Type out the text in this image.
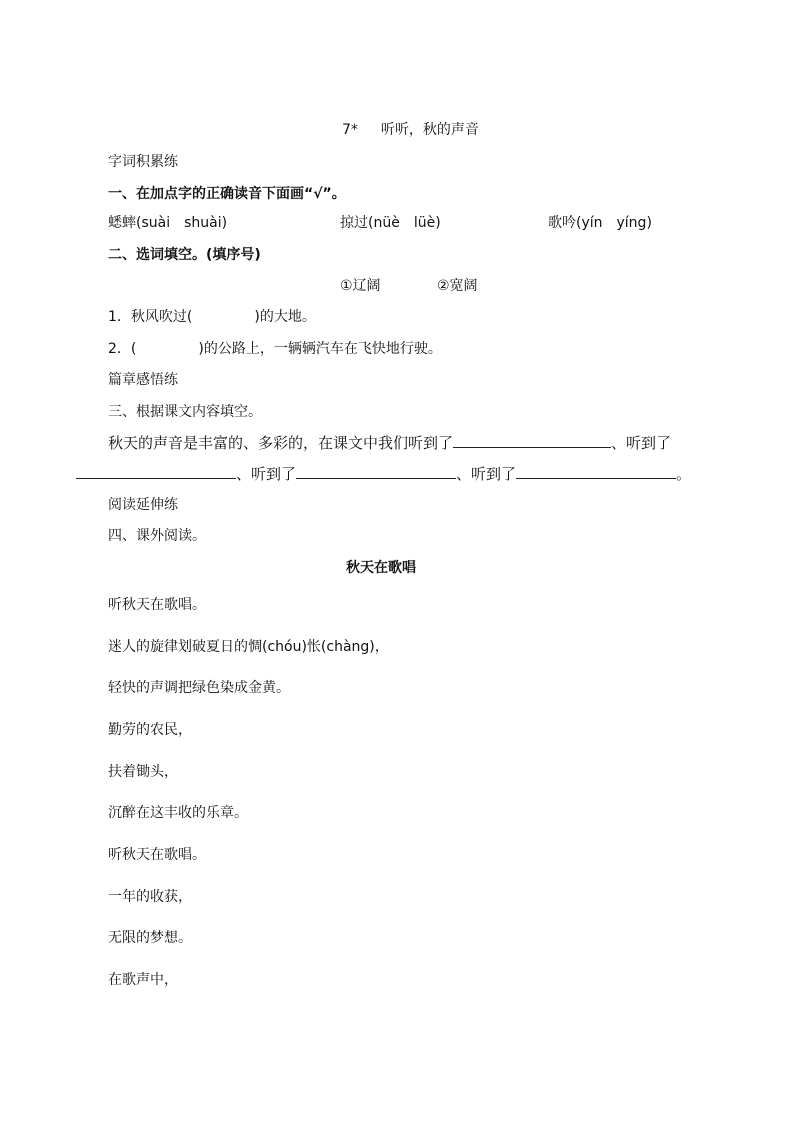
7* 听听，秋的声音
字词积累练
一、在加点字的正确读音下面画“√”。
蟋蟀(suài　shuài)	掠过(nüè　lüè)	歌吟(yín　yíng)
二、选词填空。(填序号)
①辽阔	②宽阔
1．秋风吹过(	)的大地。
2．(	)的公路上，一辆辆汽车在飞快地行驶。
篇章感悟练
三、根据课文内容填空。
秋天的声音是丰富的、多彩的，在课文中我们听到了	、听到了
、听到了	、听到了	。
阅读延伸练
四、课外阅读。
秋天在歌唱
听秋天在歌唱。
迷人的旋律划破夏日的惆(chóu)怅(chàng)，
轻快的声调把绿色染成金黄。
勤劳的农民，
扶着锄头，
沉醉在这丰收的乐章。
听秋天在歌唱。
一年的收获，
无限的梦想。
在歌声中，
